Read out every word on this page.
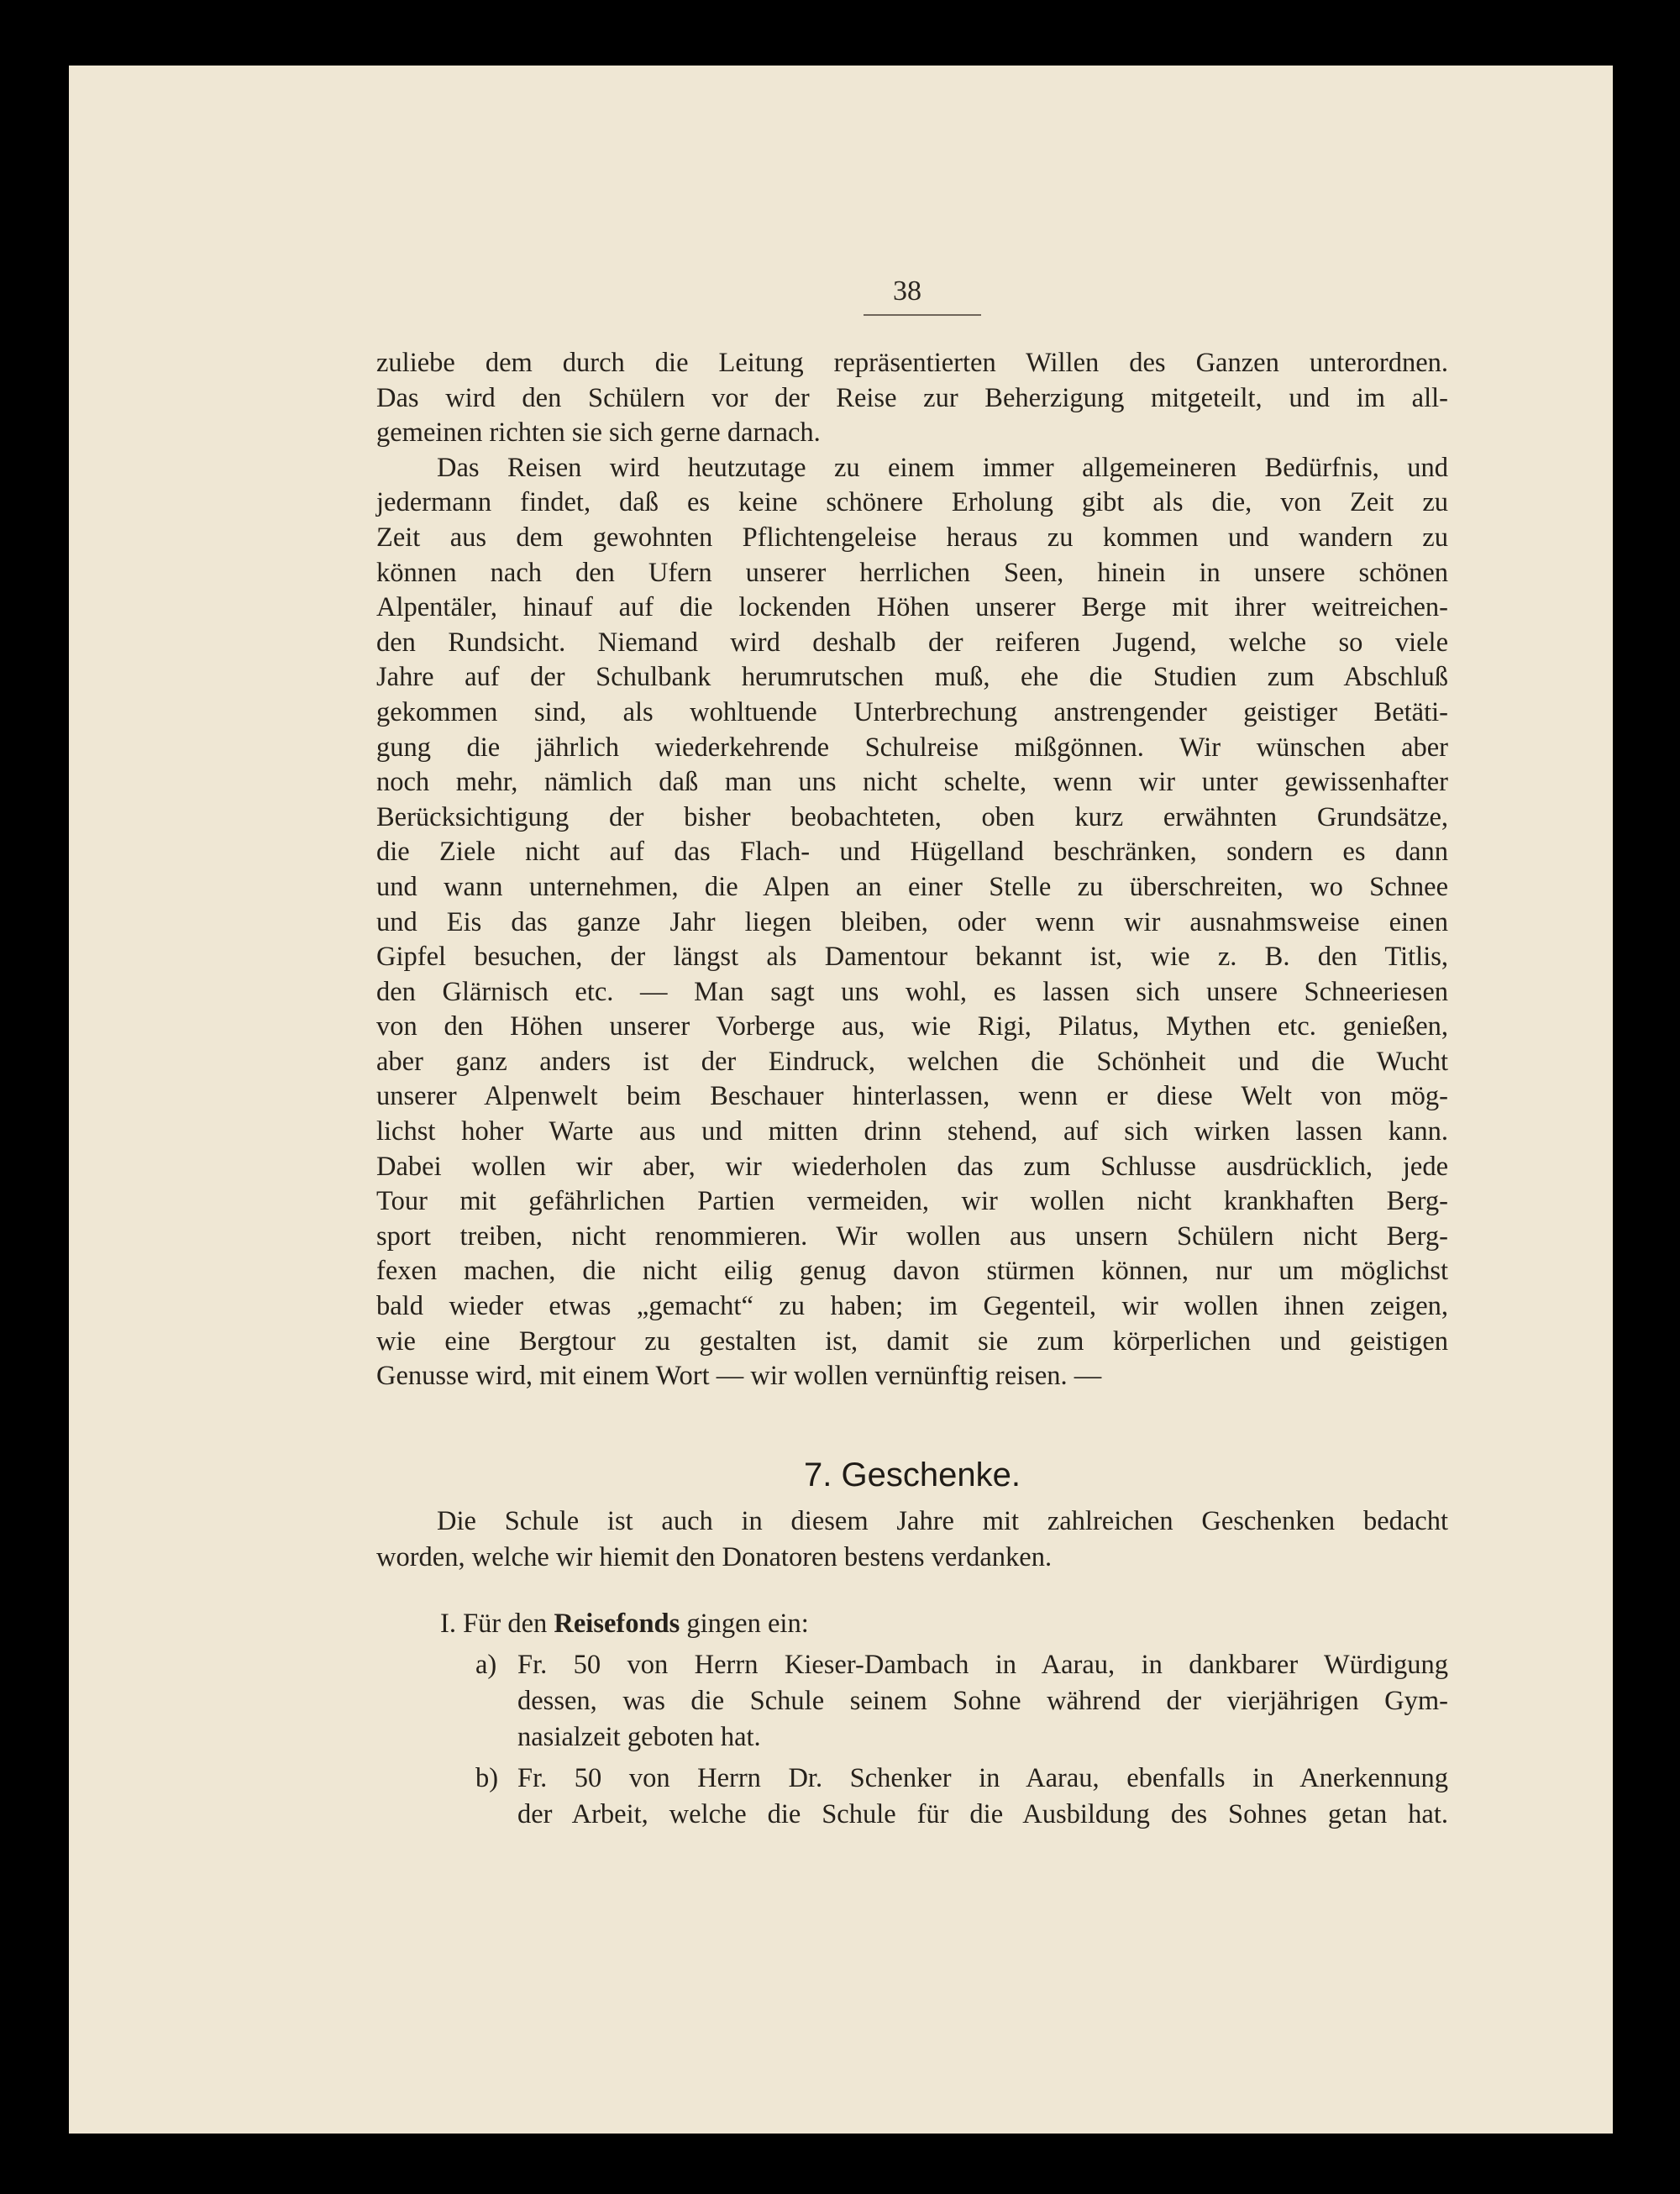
38
zuliebe dem durch die Leitung repräsentierten Willen des Ganzen unterordnen.
Das wird den Schülern vor der Reise zur Beherzigung mitgeteilt, und im all-
gemeinen richten sie sich gerne darnach.
Das Reisen wird heutzutage zu einem immer allgemeineren Bedürfnis, und
jedermann findet, daß es keine schönere Erholung gibt als die, von Zeit zu
Zeit aus dem gewohnten Pflichtengeleise heraus zu kommen und wandern zu
können nach den Ufern unserer herrlichen Seen, hinein in unsere schönen
Alpentäler, hinauf auf die lockenden Höhen unserer Berge mit ihrer weitreichen-
den Rundsicht. Niemand wird deshalb der reiferen Jugend, welche so viele
Jahre auf der Schulbank herumrutschen muß, ehe die Studien zum Abschluß
gekommen sind, als wohltuende Unterbrechung anstrengender geistiger Betäti-
gung die jährlich wiederkehrende Schulreise mißgönnen. Wir wünschen aber
noch mehr, nämlich daß man uns nicht schelte, wenn wir unter gewissenhafter
Berücksichtigung der bisher beobachteten, oben kurz erwähnten Grundsätze,
die Ziele nicht auf das Flach- und Hügelland beschränken, sondern es dann
und wann unternehmen, die Alpen an einer Stelle zu überschreiten, wo Schnee
und Eis das ganze Jahr liegen bleiben, oder wenn wir ausnahmsweise einen
Gipfel besuchen, der längst als Damentour bekannt ist, wie z. B. den Titlis,
den Glärnisch etc. — Man sagt uns wohl, es lassen sich unsere Schneeriesen
von den Höhen unserer Vorberge aus, wie Rigi, Pilatus, Mythen etc. genießen,
aber ganz anders ist der Eindruck, welchen die Schönheit und die Wucht
unserer Alpenwelt beim Beschauer hinterlassen, wenn er diese Welt von mög-
lichst hoher Warte aus und mitten drinn stehend, auf sich wirken lassen kann.
Dabei wollen wir aber, wir wiederholen das zum Schlusse ausdrücklich, jede
Tour mit gefährlichen Partien vermeiden, wir wollen nicht krankhaften Berg-
sport treiben, nicht renommieren. Wir wollen aus unsern Schülern nicht Berg-
fexen machen, die nicht eilig genug davon stürmen können, nur um möglichst
bald wieder etwas „gemacht“ zu haben; im Gegenteil, wir wollen ihnen zeigen,
wie eine Bergtour zu gestalten ist, damit sie zum körperlichen und geistigen
Genusse wird, mit einem Wort — wir wollen vernünftig reisen. —
7. Geschenke.
Die Schule ist auch in diesem Jahre mit zahlreichen Geschenken bedacht
worden, welche wir hiemit den Donatoren bestens verdanken.
I. Für den Reisefonds gingen ein:
a) Fr. 50 von Herrn Kieser-Dambach in Aarau, in dankbarer Würdigung
dessen, was die Schule seinem Sohne während der vierjährigen Gym-
nasialzeit geboten hat.
b) Fr. 50 von Herrn Dr. Schenker in Aarau, ebenfalls in Anerkennung
der Arbeit, welche die Schule für die Ausbildung des Sohnes getan hat.
